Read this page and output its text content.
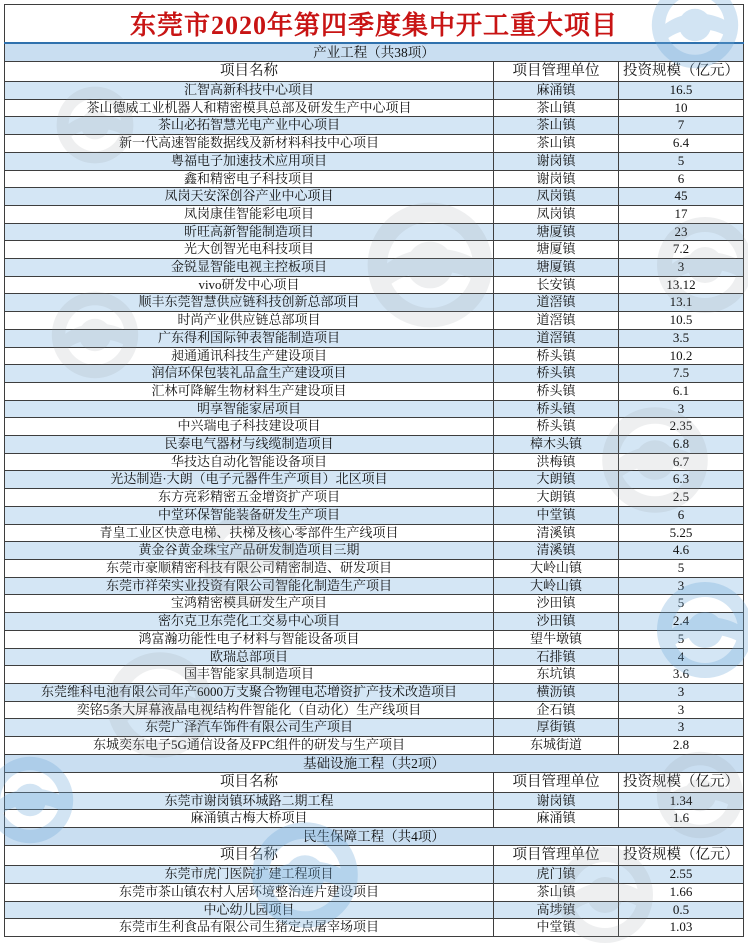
东莞市2020年第四季度集中开工重大项目		
产业工程（共38项）		
项目名称	项目管理单位	投资规模（亿元）
汇智高新科技中心项目	麻涌镇	16.5
茶山德威工业机器人和精密模具总部及研发生产中心项目	茶山镇	10
茶山必拓智慧光电产业中心项目	茶山镇	7
新一代高速智能数据线及新材料科技中心项目	茶山镇	6.4
粤福电子加速技术应用项目	谢岗镇	5
鑫和精密电子科技项目	谢岗镇	6
凤岗天安深创谷产业中心项目	凤岗镇	45
凤岗康佳智能彩电项目	凤岗镇	17
昕旺高新智能制造项目	塘厦镇	23
光大创智光电科技项目	塘厦镇	7.2
金锐显智能电视主控板项目	塘厦镇	3
vivo研发中心项目	长安镇	13.12
顺丰东莞智慧供应链科技创新总部项目	道滘镇	13.1
时尚产业供应链总部项目	道滘镇	10.5
广东得利国际钟表智能制造项目	道滘镇	3.5
昶通通讯科技生产建设项目	桥头镇	10.2
润信环保包装礼品盒生产建设项目	桥头镇	7.5
汇林可降解生物材料生产建设项目	桥头镇	6.1
明享智能家居项目	桥头镇	3
中兴瑞电子科技建设项目	桥头镇	2.35
民泰电气器材与线缆制造项目	樟木头镇	6.8
华技达自动化智能设备项目	洪梅镇	6.7
光达制造·大朗（电子元器件生产项目）北区项目	大朗镇	6.3
东方亮彩精密五金增资扩产项目	大朗镇	2.5
中堂环保智能装备研发生产项目	中堂镇	6
青皇工业区快意电梯、扶梯及核心零部件生产线项目	清溪镇	5.25
黄金谷黄金珠宝产品研发制造项目三期	清溪镇	4.6
东莞市豪顺精密科技有限公司精密制造、研发项目	大岭山镇	5
东莞市祥荣实业投资有限公司智能化制造生产项目	大岭山镇	3
宝鸿精密模具研发生产项目	沙田镇	5
密尔克卫东莞化工交易中心项目	沙田镇	2.4
鸿富瀚功能性电子材料与智能设备项目	望牛墩镇	5
欧瑞总部项目	石排镇	4
国丰智能家具制造项目	东坑镇	3.6
东莞维科电池有限公司年产6000万支聚合物锂电芯增资扩产技术改造项目	横沥镇	3
奕铭5条大屏幕液晶电视结构件智能化（自动化）生产线项目	企石镇	3
东莞广泽汽车饰件有限公司生产项目	厚街镇	3
东城奕东电子5G通信设备及FPC组件的研发与生产项目	东城街道	2.8
基础设施工程（共2项）		
项目名称	项目管理单位	投资规模（亿元）
东莞市谢岗镇环城路二期工程	谢岗镇	1.34
麻涌镇古梅大桥项目	麻涌镇	1.6
民生保障工程（共4项）		
项目名称	项目管理单位	投资规模（亿元）
东莞市虎门医院扩建工程项目	虎门镇	2.55
东莞市茶山镇农村人居环境整治连片建设项目	茶山镇	1.66
中心幼儿园项目	高埗镇	0.5
东莞市生利食品有限公司生猪定点屠宰场项目	中堂镇	1.03
